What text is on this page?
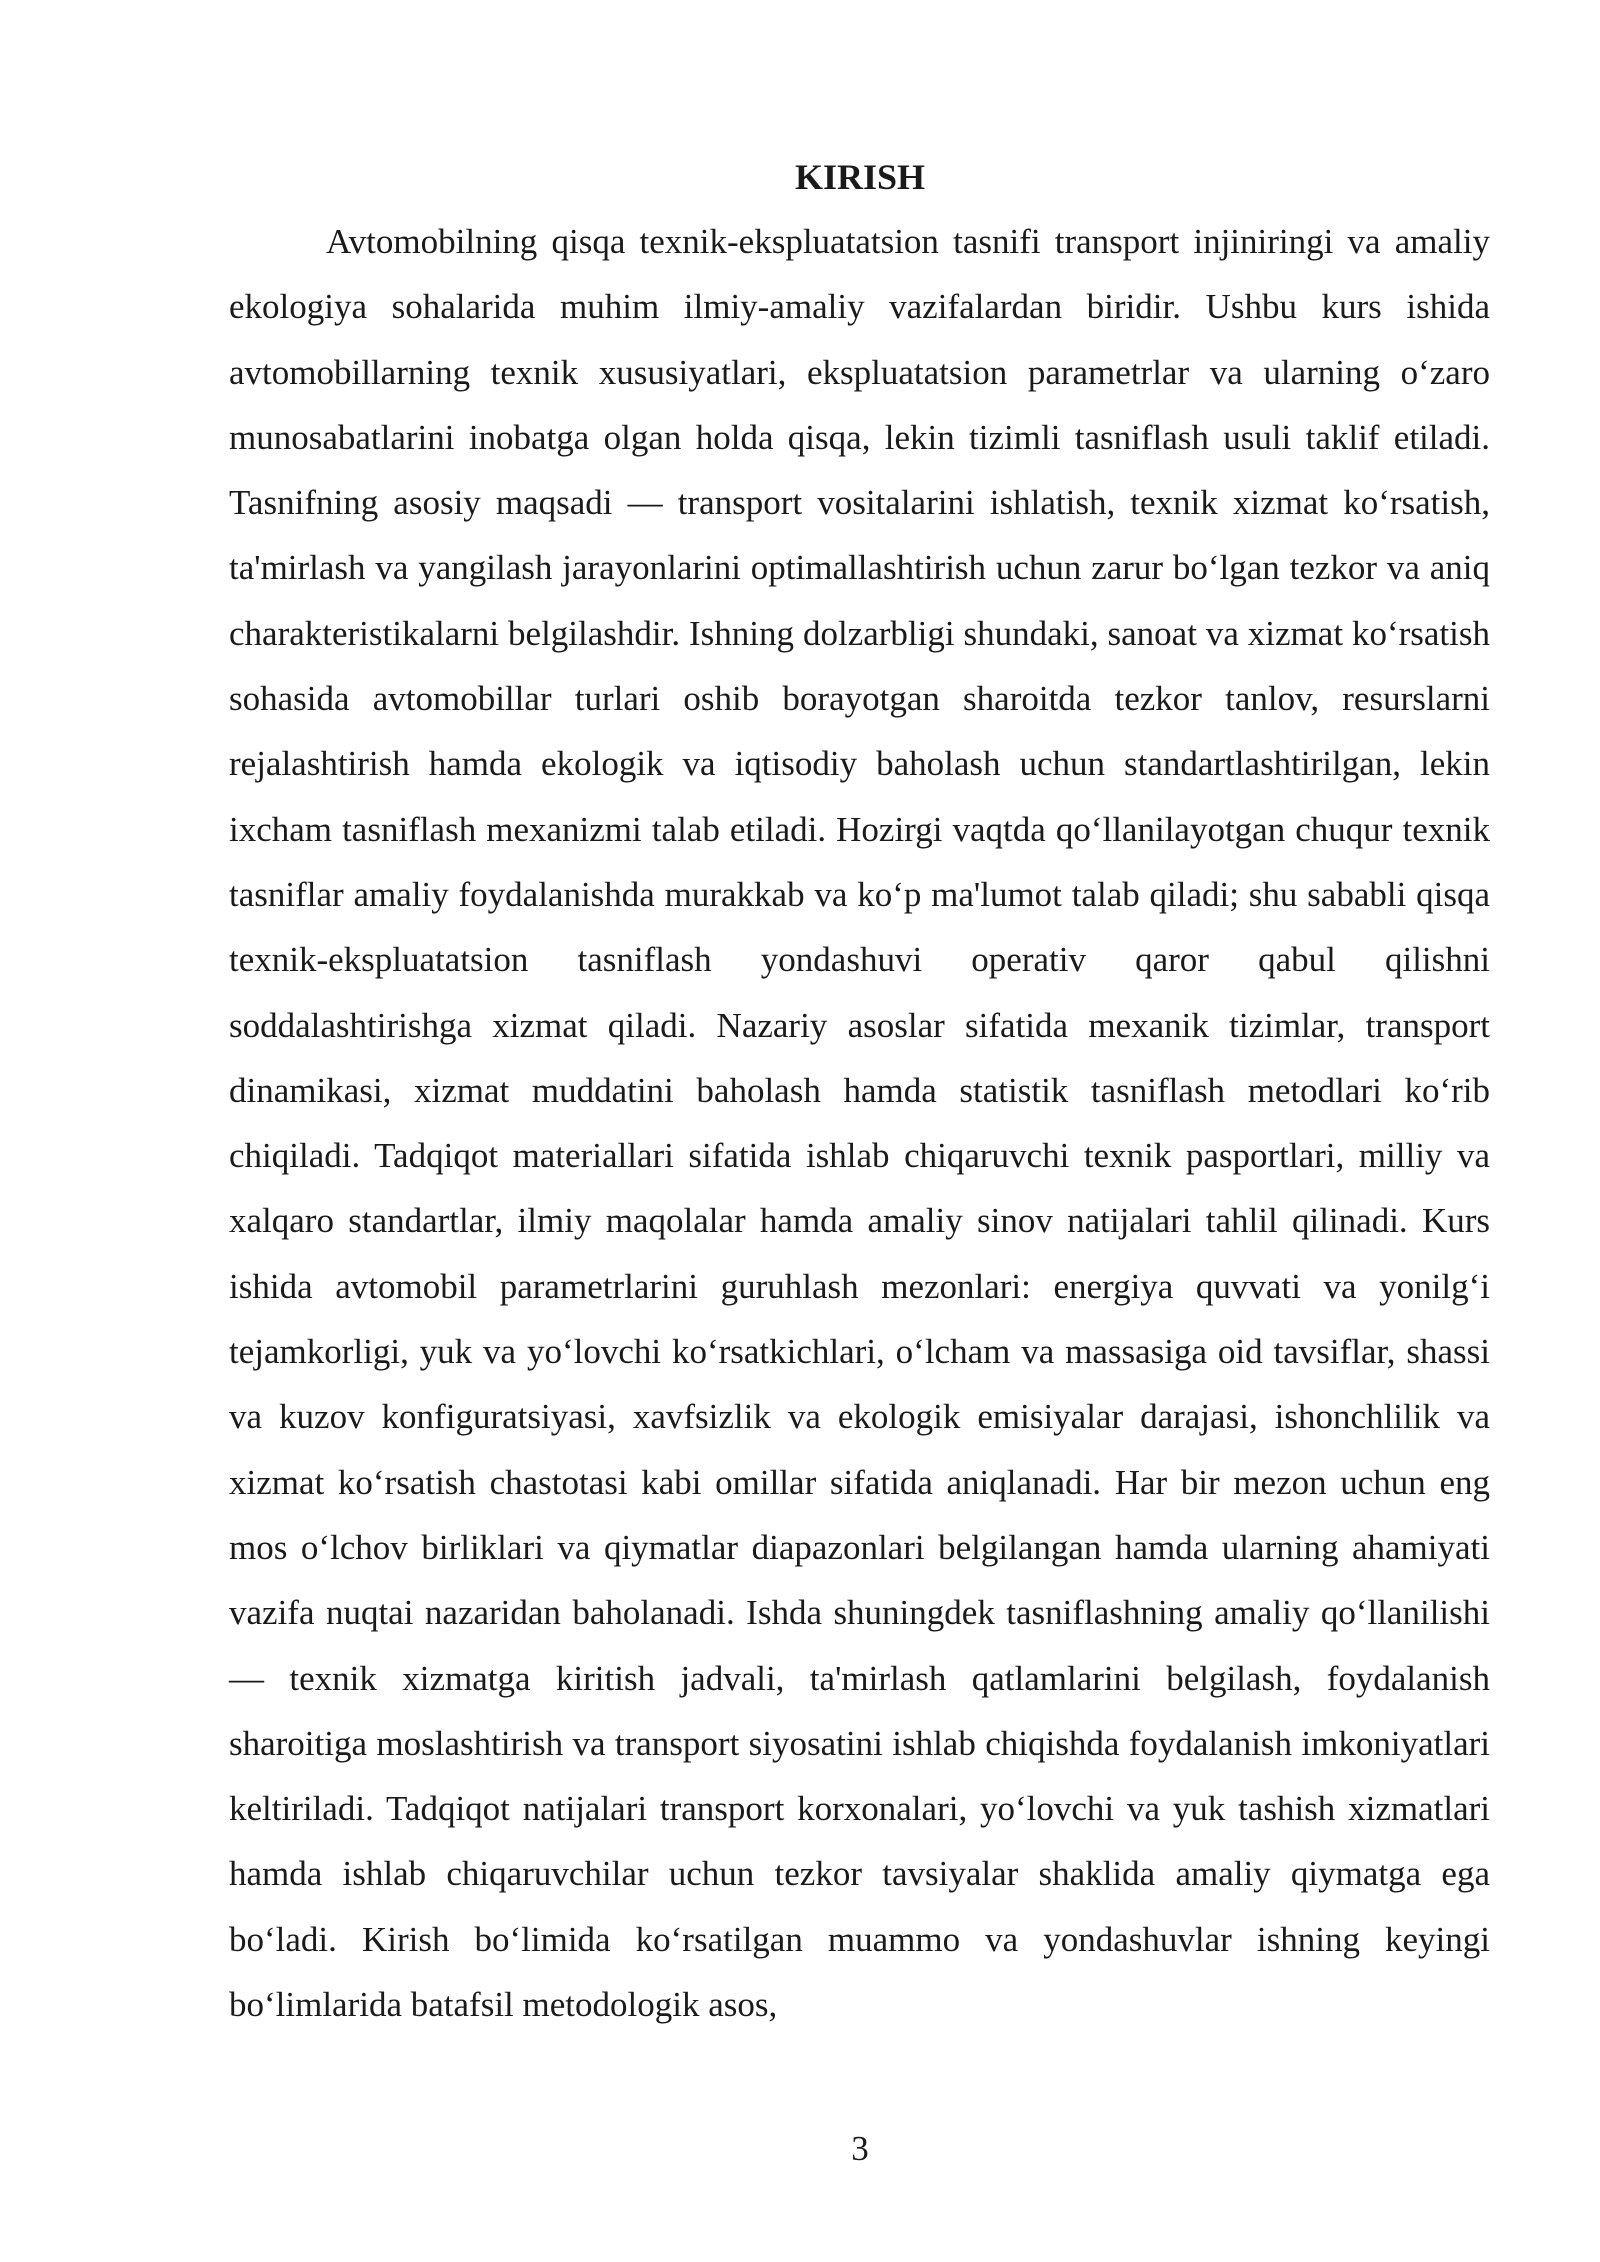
KIRISH

Avtomobilning qisqa texnik-ekspluatatsion tasnifi transport injiniringi va amaliy ekologiya sohalarida muhim ilmiy-amaliy vazifalardan biridir. Ushbu kurs ishida avtomobillarning texnik xususiyatlari, ekspluatatsion parametrlar va ularning o‘zaro munosabatlarini inobatga olgan holda qisqa, lekin tizimli tasniflash usuli taklif etiladi. Tasnifning asosiy maqsadi — transport vositalarini ishlatish, texnik xizmat ko‘rsatish, ta'mirlash va yangilash jarayonlarini optimallashtirish uchun zarur bo‘lgan tezkor va aniq charakteristikalarni belgilashdir. Ishning dolzarbligi shundaki, sanoat va xizmat ko‘rsatish sohasida avtomobillar turlari oshib borayotgan sharoitda tezkor tanlov, resurslarni rejalashtirish hamda ekologik va iqtisodiy baholash uchun standartlashtirilgan, lekin ixcham tasniflash mexanizmi talab etiladi. Hozirgi vaqtda qo‘llanilayotgan chuqur texnik tasniflar amaliy foydalanishda murakkab va ko‘p ma'lumot talab qiladi; shu sababli qisqa texnik-ekspluatatsion tasniflash yondashuvi operativ qaror qabul qilishni soddalashtirishga xizmat qiladi. Nazariy asoslar sifatida mexanik tizimlar, transport dinamikasi, xizmat muddatini baholash hamda statistik tasniflash metodlari ko‘rib chiqiladi. Tadqiqot materiallari sifatida ishlab chiqaruvchi texnik pasportlari, milliy va xalqaro standartlar, ilmiy maqolalar hamda amaliy sinov natijalari tahlil qilinadi. Kurs ishida avtomobil parametrlarini guruhlash mezonlari: energiya quvvati va yonilg‘i tejamkorligi, yuk va yo‘lovchi ko‘rsatkichlari, o‘lcham va massasiga oid tavsiflar, shassi va kuzov konfiguratsiyasi, xavfsizlik va ekologik emisiyalar darajasi, ishonchlilik va xizmat ko‘rsatish chastotasi kabi omillar sifatida aniqlanadi. Har bir mezon uchun eng mos o‘lchov birliklari va qiymatlar diapazonlari belgilangan hamda ularning ahamiyati vazifa nuqtai nazaridan baholanadi. Ishda shuningdek tasniflashning amaliy qo‘llanilishi — texnik xizmatga kiritish jadvali, ta'mirlash qatlamlarini belgilash, foydalanish sharoitiga moslashtirish va transport siyosatini ishlab chiqishda foydalanish imkoniyatlari keltiriladi. Tadqiqot natijalari transport korxonalari, yo‘lovchi va yuk tashish xizmatlari hamda ishlab chiqaruvchilar uchun tezkor tavsiyalar shaklida amaliy qiymatga ega bo‘ladi. Kirish bo‘limida ko‘rsatilgan muammo va yondashuvlar ishning keyingi bo‘limlarida batafsil metodologik asos,

3
